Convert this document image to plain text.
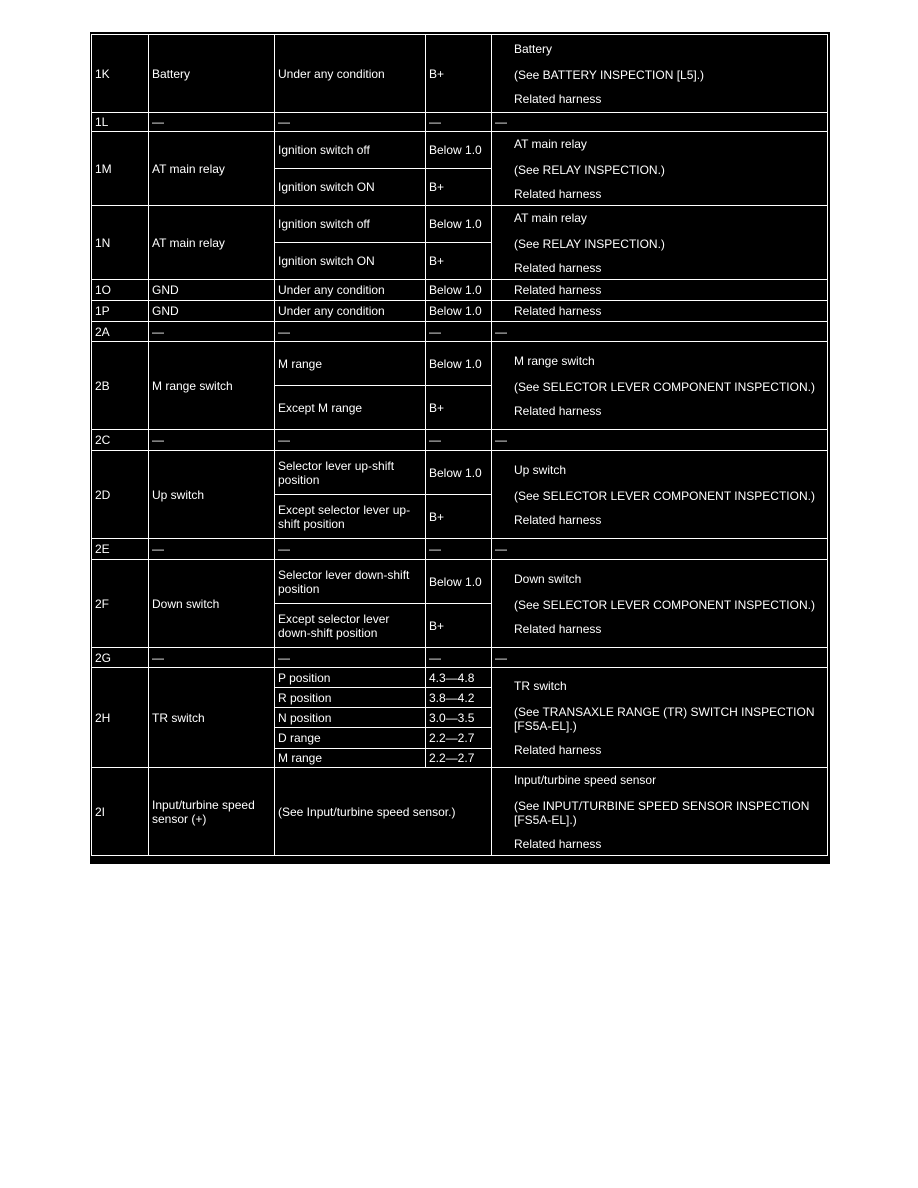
1K	Battery	Under any condition	B+	Battery
(See BATTERY INSPECTION [L5].)
Related harness

1L	—	—	—	—
1M	AT main relay	Ignition switch off	Below 1.0	AT main relay
(See RELAY INSPECTION.)
Related harness

		Ignition switch ON	B+	
1N	AT main relay	Ignition switch off	Below 1.0	AT main relay
(See RELAY INSPECTION.)
Related harness

		Ignition switch ON	B+	
1O	GND	Under any condition	Below 1.0	Related harness

1P	GND	Under any condition	Below 1.0	Related harness

2A	—	—	—	—
2B	M range switch	M range	Below 1.0	M range switch
(See SELECTOR LEVER COMPONENT INSPECTION.)
Related harness

		Except M range	B+	
2C	—	—	—	—
2D	Up switch	Selector lever up-shift position	Below 1.0	Up switch
(See SELECTOR LEVER COMPONENT INSPECTION.)
Related harness

		Except selector lever up-shift position	B+	
2E	—	—	—	—
2F	Down switch	Selector lever down-shift position	Below 1.0	Down switch
(See SELECTOR LEVER COMPONENT INSPECTION.)
Related harness

		Except selector lever down-shift position	B+	
2G	—	—	—	—
2H	TR switch	P position	4.3—4.8	TR switch
(See TRANSAXLE RANGE (TR) SWITCH INSPECTION [FS5A-EL].)
Related harness

		R position	3.8—4.2	
		N position	3.0—3.5	
		D range	2.2—2.7	
		M range	2.2—2.7	
2I	Input/turbine speed sensor (+)	(See Input/turbine speed sensor.)		Input/turbine speed sensor
(See INPUT/TURBINE SPEED SENSOR INSPECTION [FS5A-EL].)
Related harness
